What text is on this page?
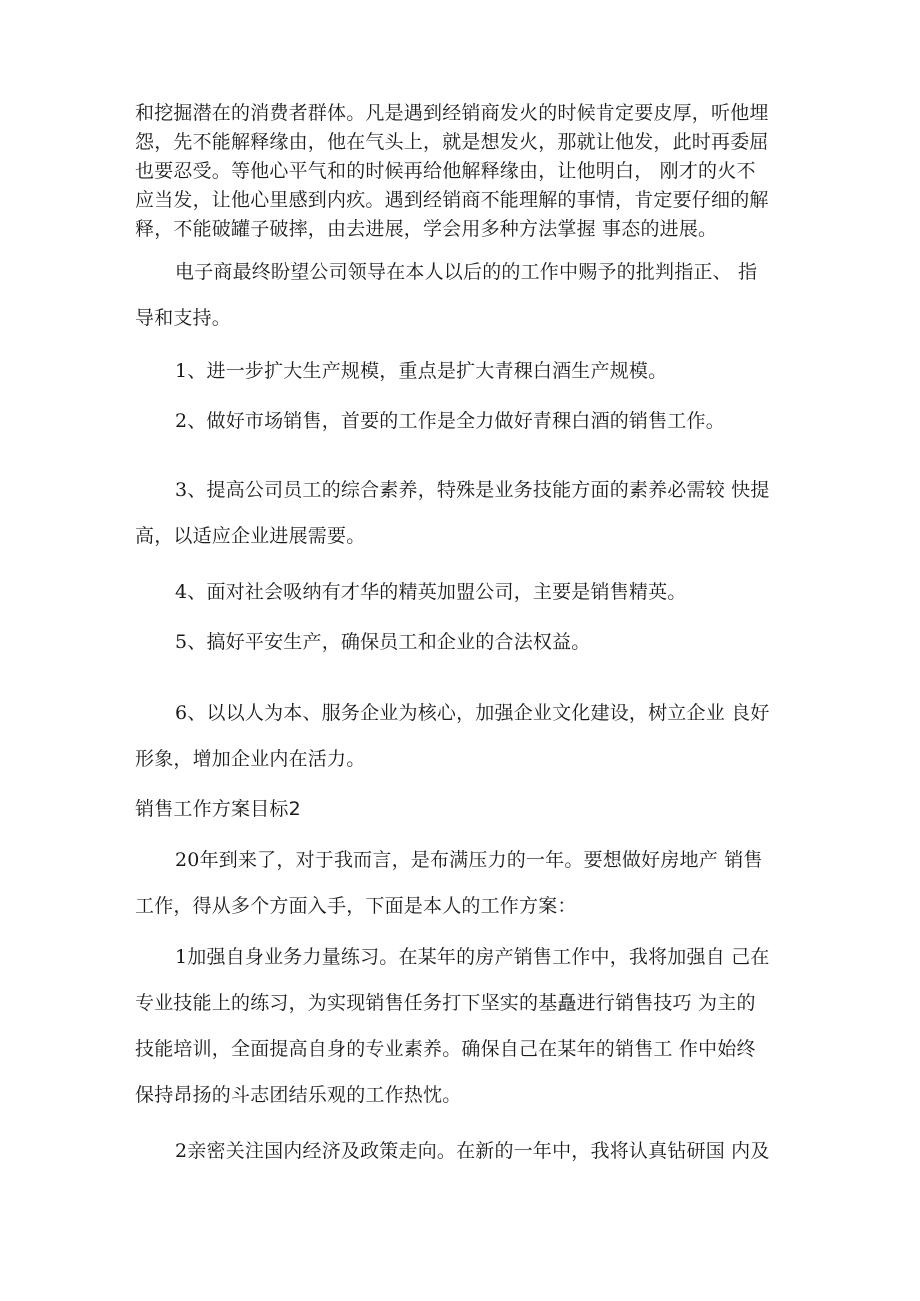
和挖掘潜在的消费者群体。凡是遇到经销商发火的时候肯定要皮厚，听他埋
怨，先不能解释缘由，他在气头上，就是想发火，那就让他发，此时再委屈
也要忍受。等他心平气和的时候再给他解释缘由，让他明白， 刚才的火不
应当发，让他心里感到内疚。遇到经销商不能理解的事情，肯定要仔细的解
释，不能破罐子破摔，由去进展，学会用多种方法掌握 事态的进展。
电子商最终盼望公司领导在本人以后的的工作中赐予的批判指正、 指
导和支持。
1、进一步扩大生产规模，重点是扩大青稞白酒生产规模。
2、做好市场销售，首要的工作是全力做好青稞白酒的销售工作。
3、提高公司员工的综合素养，特殊是业务技能方面的素养必需较 快提
高，以适应企业进展需要。
4、面对社会吸纳有才华的精英加盟公司，主要是销售精英。
5、搞好平安生产，确保员工和企业的合法权益。
6、以以人为本、服务企业为核心，加强企业文化建设，树立企业 良好
形象，增加企业内在活力。
销售工作方案目标2
20年到来了，对于我而言，是布满压力的一年。要想做好房地产 销售
工作，得从多个方面入手，下面是本人的工作方案：
1加强自身业务力量练习。在某年的房产销售工作中，我将加强自 己在
专业技能上的练习，为实现销售任务打下坚实的基矗进行销售技巧 为主的
技能培训，全面提高自身的专业素养。确保自己在某年的销售工 作中始终
保持昂扬的斗志团结乐观的工作热忱。
2亲密关注国内经济及政策走向。在新的一年中，我将认真钻研国 内及
